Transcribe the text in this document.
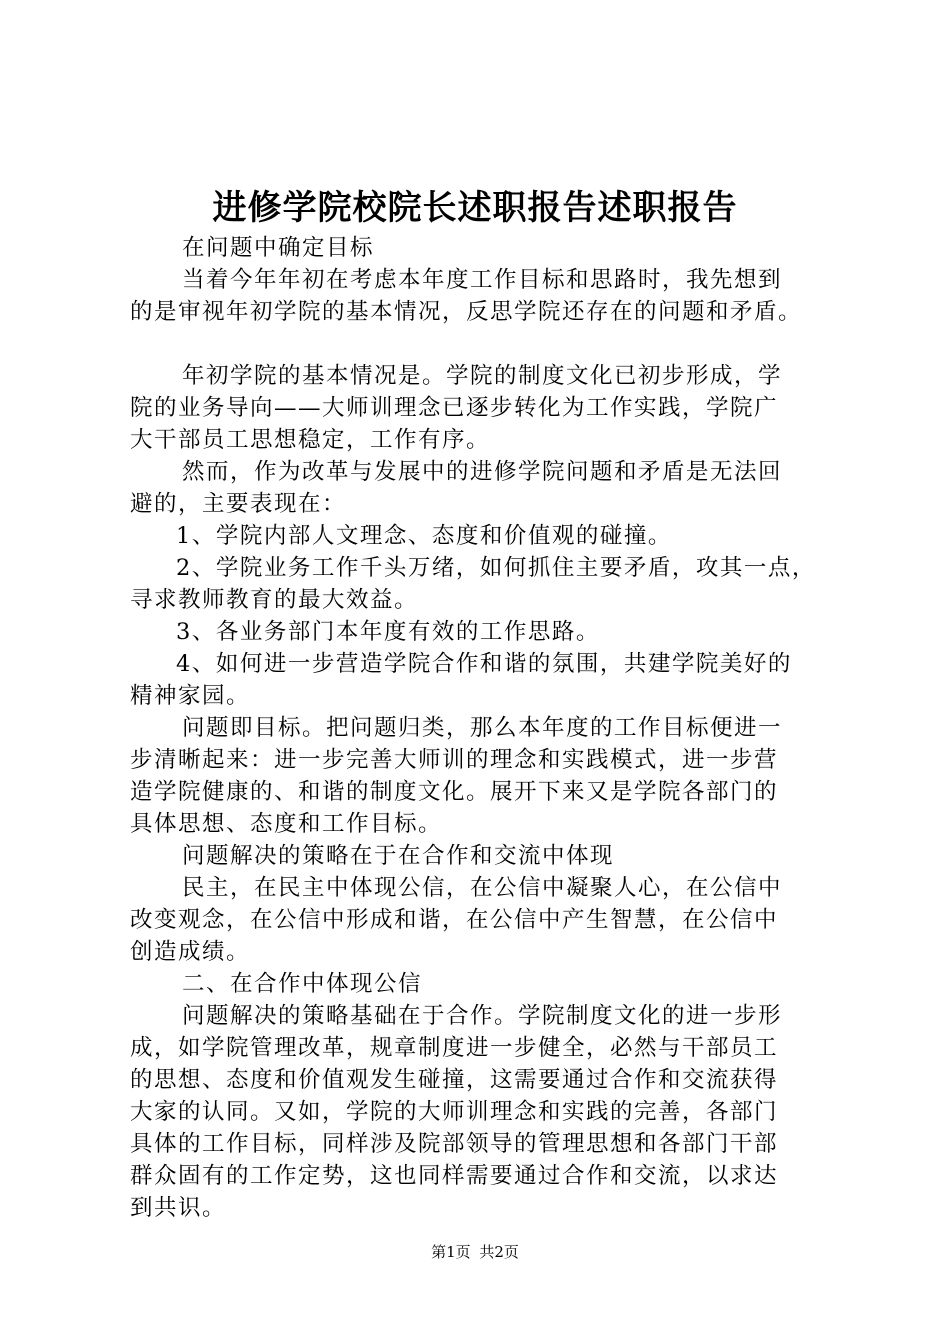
进修学院校院长述职报告述职报告
在问题中确定目标
当着今年年初在考虑本年度工作目标和思路时，我先想到
的是审视年初学院的基本情况，反思学院还存在的问题和矛盾。
年初学院的基本情况是。学院的制度文化已初步形成，学
院的业务导向——大师训理念已逐步转化为工作实践，学院广
大干部员工思想稳定，工作有序。
然而，作为改革与发展中的进修学院问题和矛盾是无法回
避的，主要表现在：
1、学院内部人文理念、态度和价值观的碰撞。
2、学院业务工作千头万绪，如何抓住主要矛盾，攻其一点，
寻求教师教育的最大效益。
3、各业务部门本年度有效的工作思路。
4、如何进一步营造学院合作和谐的氛围，共建学院美好的
精神家园。
问题即目标。把问题归类，那么本年度的工作目标便进一
步清晰起来：进一步完善大师训的理念和实践模式，进一步营
造学院健康的、和谐的制度文化。展开下来又是学院各部门的
具体思想、态度和工作目标。
问题解决的策略在于在合作和交流中体现
民主，在民主中体现公信，在公信中凝聚人心，在公信中
改变观念，在公信中形成和谐，在公信中产生智慧，在公信中
创造成绩。
二、在合作中体现公信
问题解决的策略基础在于合作。学院制度文化的进一步形
成，如学院管理改革，规章制度进一步健全，必然与干部员工
的思想、态度和价值观发生碰撞，这需要通过合作和交流获得
大家的认同。又如，学院的大师训理念和实践的完善，各部门
具体的工作目标，同样涉及院部领导的管理思想和各部门干部
群众固有的工作定势，这也同样需要通过合作和交流，以求达
到共识。
第1页 共2页
